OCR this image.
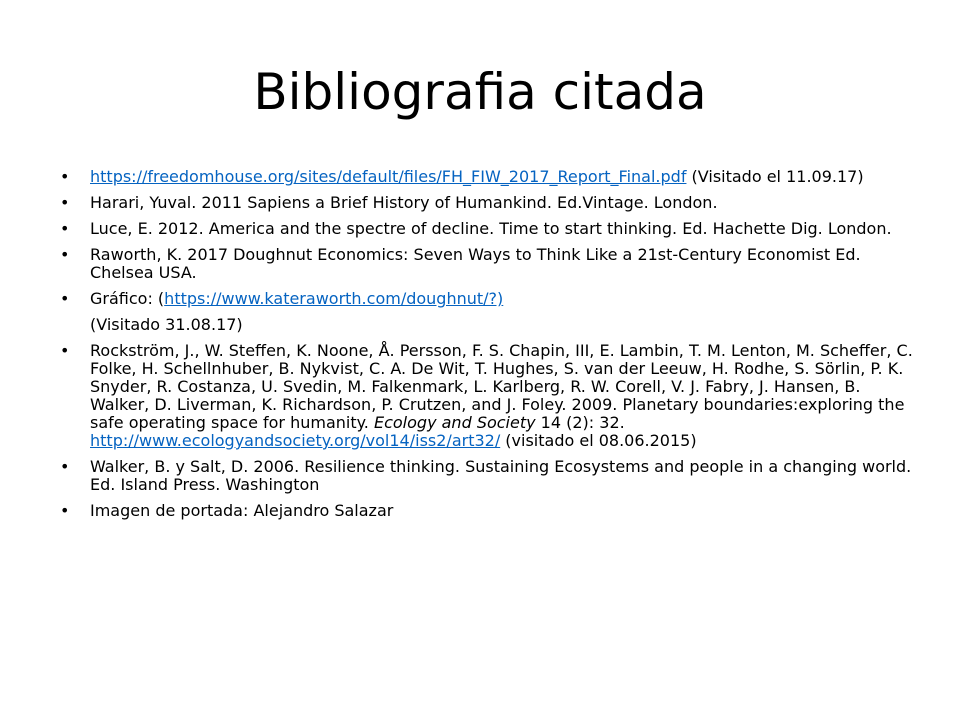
Bibliografia citada
•	https://freedomhouse.org/sites/default/files/FH_FIW_2017_Report_Final.pdf (Visitado el 11.09.17)
•	Harari, Yuval. 2011 Sapiens a Brief History of Humankind. Ed.Vintage. London.
•	Luce, E. 2012. America and the spectre of decline. Time to start thinking. Ed. Hachette Dig. London.
•	Raworth, K. 2017 Doughnut Economics: Seven Ways to Think Like a 21st-Century Economist Ed. Chelsea USA.
•	Gráfico: (https://www.kateraworth.com/doughnut/?)
(Visitado 31.08.17)
•	Rockström, J., W. Steffen, K. Noone, Å. Persson, F. S. Chapin, III, E. Lambin, T. M. Lenton, M. Scheffer, C. Folke, H. Schellnhuber, B. Nykvist, C. A. De Wit, T. Hughes, S. van der Leeuw, H. Rodhe, S. Sörlin, P. K. Snyder, R. Costanza, U. Svedin, M. Falkenmark, L. Karlberg, R. W. Corell, V. J. Fabry, J. Hansen, B. Walker, D. Liverman, K. Richardson, P. Crutzen, and J. Foley. 2009. Planetary boundaries:exploring the safe operating space for humanity. Ecology and Society 14 (2): 32. http://www.ecologyandsociety.org/vol14/iss2/art32/ (visitado el 08.06.2015)
•	Walker, B. y Salt, D. 2006. Resilience thinking. Sustaining Ecosystems and people in a changing world. Ed. Island Press. Washington
•	Imagen de portada: Alejandro Salazar
